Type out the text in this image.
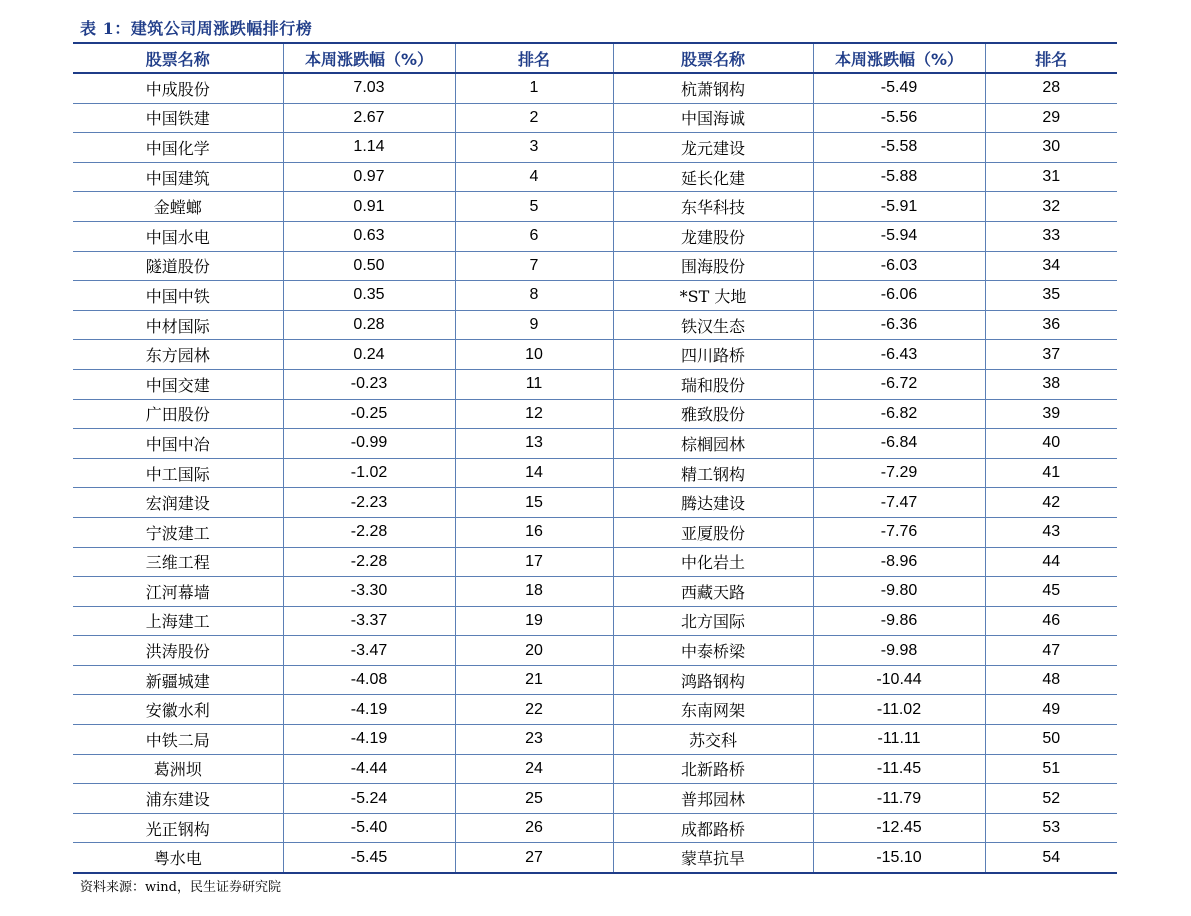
表 1：建筑公司周涨跌幅排行榜
股票名称	本周涨跌幅（%）	排名	股票名称	本周涨跌幅（%）	排名
中成股份	7.03	1	杭萧钢构	-5.49	28
中国铁建	2.67	2	中国海诚	-5.56	29
中国化学	1.14	3	龙元建设	-5.58	30
中国建筑	0.97	4	延长化建	-5.88	31
金螳螂	0.91	5	东华科技	-5.91	32
中国水电	0.63	6	龙建股份	-5.94	33
隧道股份	0.50	7	围海股份	-6.03	34
中国中铁	0.35	8	*ST 大地	-6.06	35
中材国际	0.28	9	铁汉生态	-6.36	36
东方园林	0.24	10	四川路桥	-6.43	37
中国交建	-0.23	11	瑞和股份	-6.72	38
广田股份	-0.25	12	雅致股份	-6.82	39
中国中冶	-0.99	13	棕榈园林	-6.84	40
中工国际	-1.02	14	精工钢构	-7.29	41
宏润建设	-2.23	15	腾达建设	-7.47	42
宁波建工	-2.28	16	亚厦股份	-7.76	43
三维工程	-2.28	17	中化岩土	-8.96	44
江河幕墙	-3.30	18	西藏天路	-9.80	45
上海建工	-3.37	19	北方国际	-9.86	46
洪涛股份	-3.47	20	中泰桥梁	-9.98	47
新疆城建	-4.08	21	鸿路钢构	-10.44	48
安徽水利	-4.19	22	东南网架	-11.02	49
中铁二局	-4.19	23	苏交科	-11.11	50
葛洲坝	-4.44	24	北新路桥	-11.45	51
浦东建设	-5.24	25	普邦园林	-11.79	52
光正钢构	-5.40	26	成都路桥	-12.45	53
粤水电	-5.45	27	蒙草抗旱	-15.10	54
资料来源：wind，民生证券研究院
